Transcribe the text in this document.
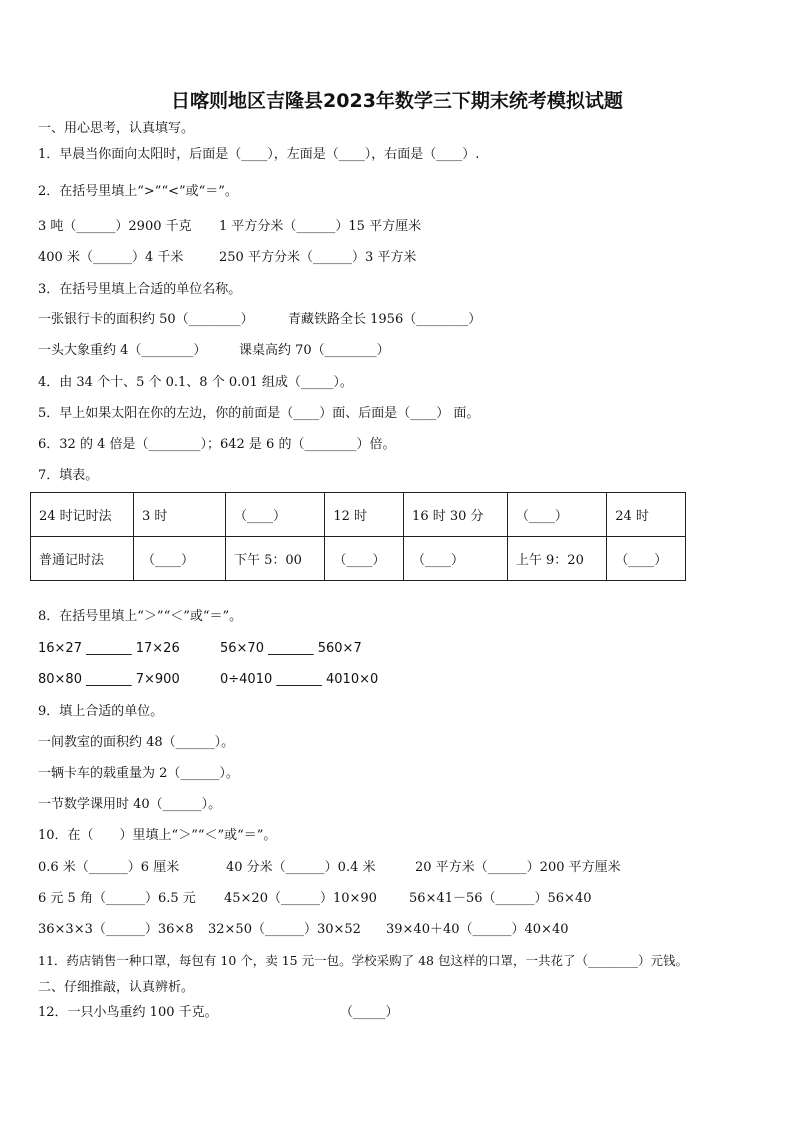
日喀则地区吉隆县2023年数学三下期末统考模拟试题
一、用心思考，认真填写。
1．早晨当你面向太阳时，后面是（____），左面是（____），右面是（____）.
2．在括号里填上“>”“<”或“＝”。
3 吨（______）2900 千克 1 平方分米（______）15 平方厘米
400 米（______）4 千米	250 平方分米（______）3 平方米
3．在括号里填上合适的单位名称。
一张银行卡的面积约 50（________）	青藏铁路全长 1956（________）
一头大象重约 4（________）	课桌高约 70（________）
4．由 34 个十、5 个 0.1、8 个 0.01 组成（_____）。
5．早上如果太阳在你的左边，你的前面是（____）面、后面是（____） 面。
6．32 的 4 倍是（________）；642 是 6 的（________）倍。
7．填表。
24 时记时法	3 时	（____）	12 时	16 时 30 分	（____）	24 时
普通记时法	（____）	下午 5：00	（____）	（____）	上午 9：20	（____）
8．在括号里填上“＞”“＜”或“＝”。
16×27 _______ 17×26	56×70 _______ 560×7
80×80 _______ 7×900	0÷4010 _______ 4010×0
9．填上合适的单位。
一间教室的面积约 48（______）。
一辆卡车的载重量为 2（______）。
一节数学课用时 40（______）。
10．在（　　）里填上“＞”“＜”或“＝”。
0.6 米（______）6 厘米	40 分米（______）0.4 米	20 平方米（______）200 平方厘米
6 元 5 角（______）6.5 元 45×20（______）10×90 56×41－56（______）56×40
36×3×3（______）36×8 32×50（______）30×52 39×40＋40（______）40×40
11．药店销售一种口罩，每包有 10 个，卖 15 元一包。学校采购了 48 包这样的口罩，一共花了（________）元钱。
二、仔细推敲，认真辨析。
12．一只小鸟重约 100 千克。	（_____）
